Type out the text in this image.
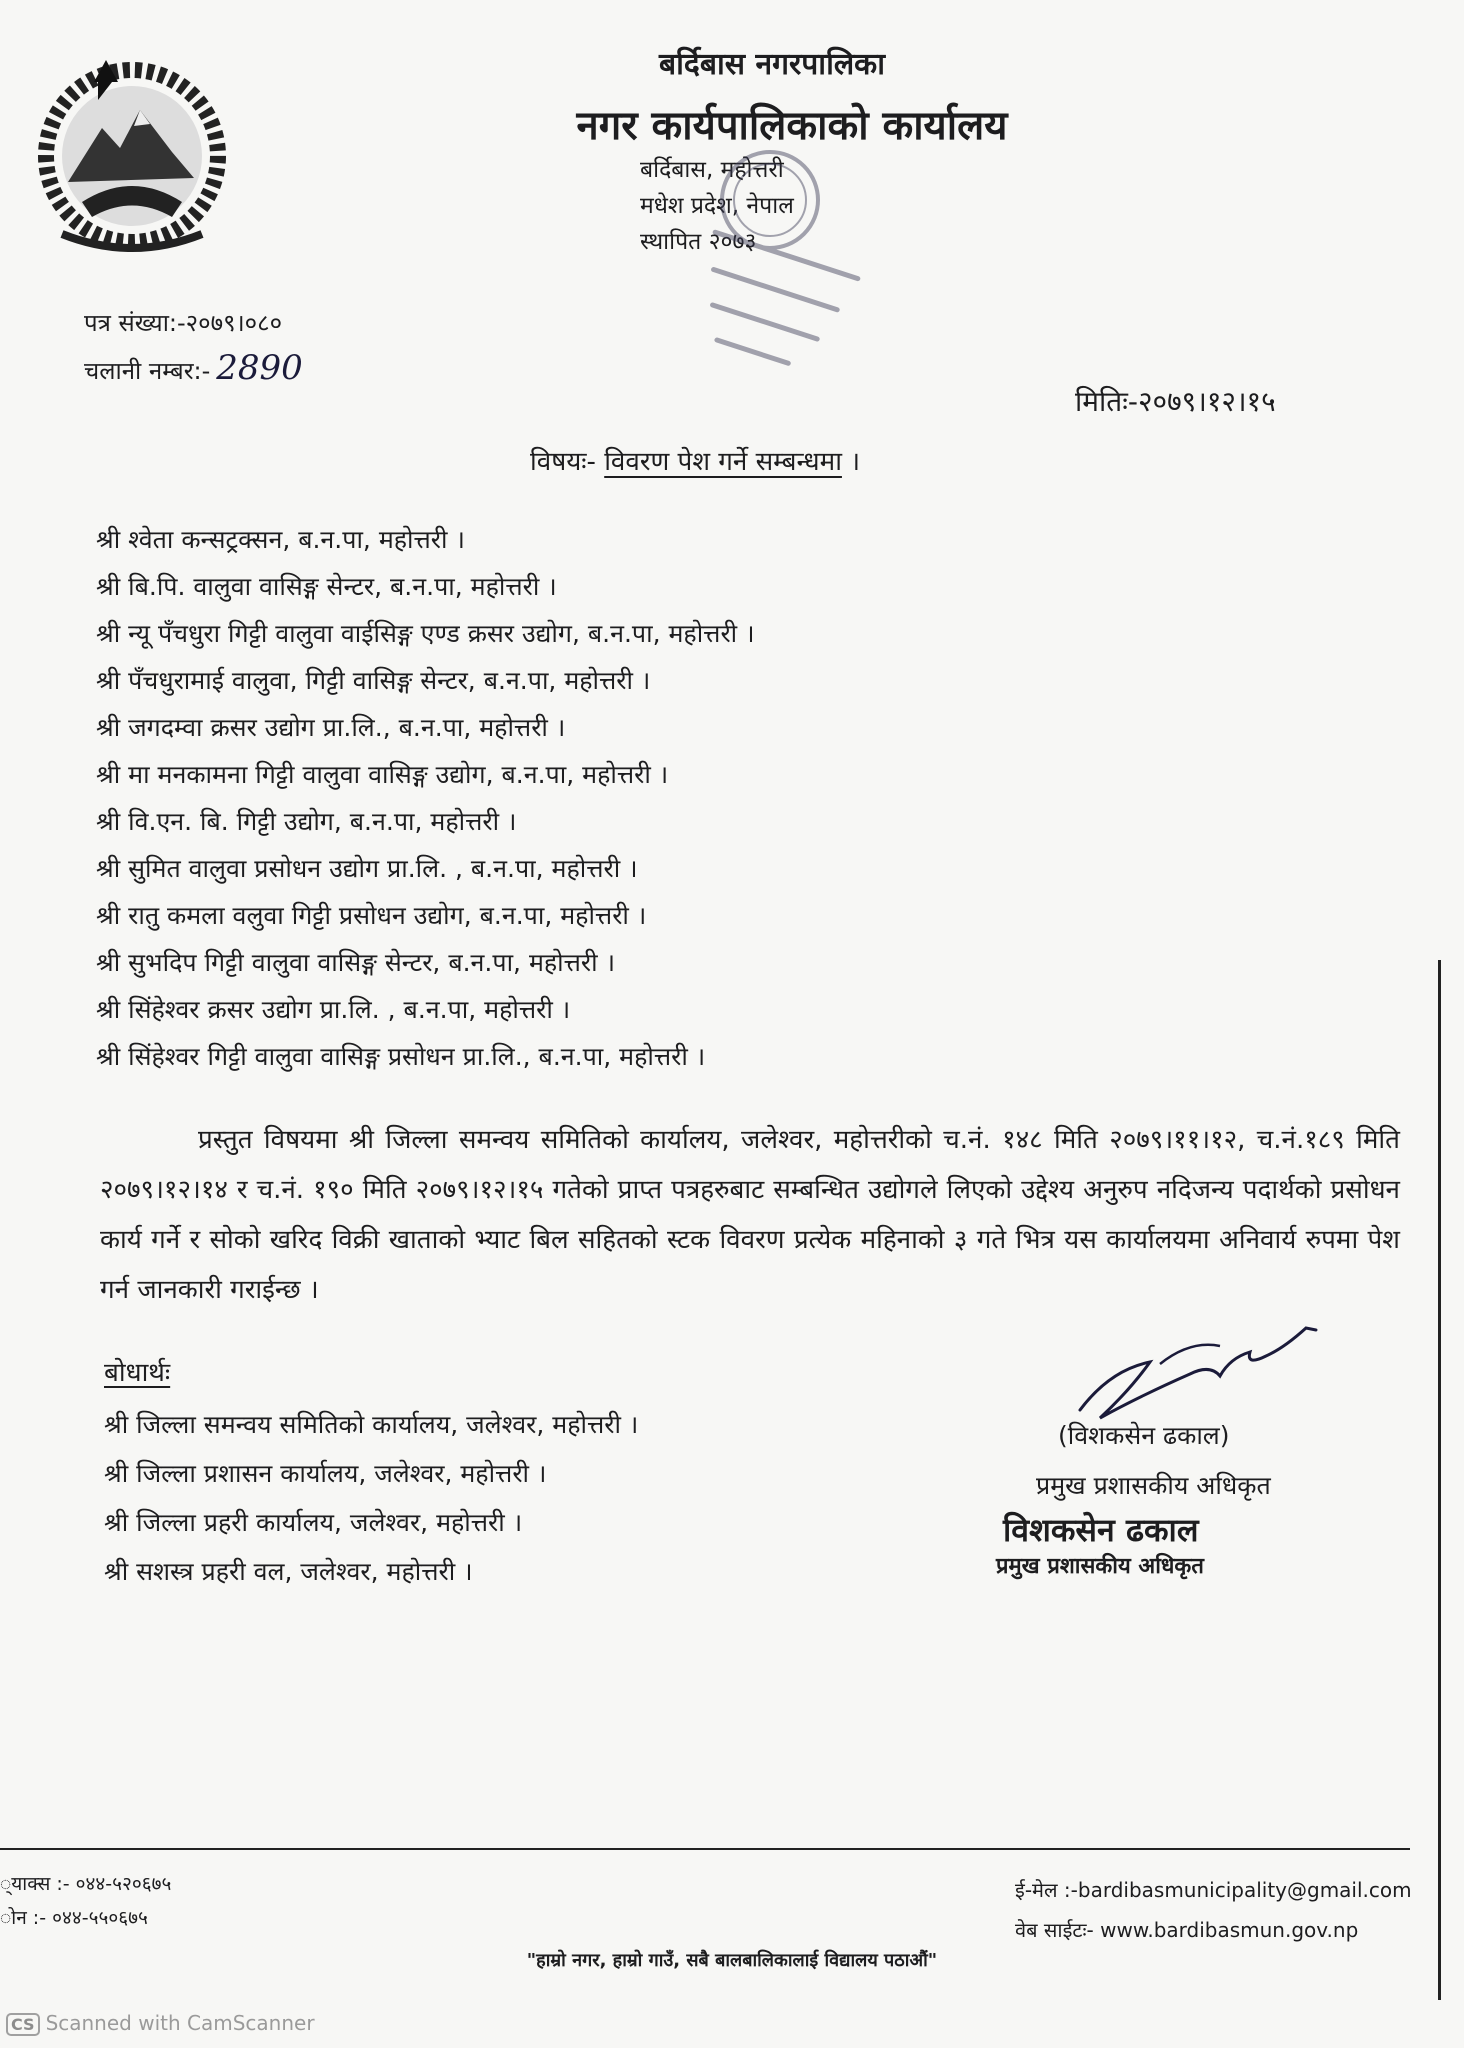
बर्दिबास नगरपालिका
नगर कार्यपालिकाको कार्यालय
बर्दिबास, महोत्तरी
मधेश प्रदेश, नेपाल
स्थापित २०७३
पत्र संख्या:-२०७९।०८०
चलानी नम्बर:- 2890
मितिः-२०७९।१२।१५
विषयः- विवरण पेश गर्ने सम्बन्धमा ।
श्री श्वेता कन्सट्रक्सन, ब.न.पा, महोत्तरी ।
श्री बि.पि. वालुवा वासिङ्ग सेन्टर, ब.न.पा, महोत्तरी ।
श्री न्यू पँचधुरा गिट्टी वालुवा वाईसिङ्ग एण्ड क्रसर उद्योग, ब.न.पा, महोत्तरी ।
श्री पँचधुरामाई वालुवा, गिट्टी वासिङ्ग सेन्टर, ब.न.पा, महोत्तरी ।
श्री जगदम्वा क्रसर उद्योग प्रा.लि., ब.न.पा, महोत्तरी ।
श्री मा मनकामना गिट्टी वालुवा वासिङ्ग उद्योग, ब.न.पा, महोत्तरी ।
श्री वि.एन. बि. गिट्टी उद्योग, ब.न.पा, महोत्तरी ।
श्री सुमित वालुवा प्रसोधन उद्योग प्रा.लि. , ब.न.पा, महोत्तरी ।
श्री रातु कमला वलुवा गिट्टी प्रसोधन उद्योग, ब.न.पा, महोत्तरी ।
श्री सुभदिप गिट्टी वालुवा वासिङ्ग सेन्टर, ब.न.पा, महोत्तरी ।
श्री सिंहेश्वर क्रसर उद्योग प्रा.लि. , ब.न.पा, महोत्तरी ।
श्री सिंहेश्वर गिट्टी वालुवा वासिङ्ग प्रसोधन प्रा.लि., ब.न.पा, महोत्तरी ।
प्रस्तुत विषयमा श्री जिल्ला समन्वय समितिको कार्यालय, जलेश्वर, महोत्तरीको च.नं. १४८ मिति २०७९।११।१२, च.नं.१८९ मिति २०७९।१२।१४ र च.नं. १९० मिति २०७९।१२।१५ गतेको प्राप्त पत्रहरुबाट सम्बन्धित उद्योगले लिएको उद्देश्य अनुरुप नदिजन्य पदार्थको प्रसोधन कार्य गर्ने र सोको खरिद विक्री खाताको भ्याट बिल सहितको स्टक विवरण प्रत्येक महिनाको ३ गते भित्र यस कार्यालयमा अनिवार्य रुपमा पेश गर्न जानकारी गराईन्छ ।
बोधार्थः
श्री जिल्ला समन्वय समितिको कार्यालय, जलेश्वर, महोत्तरी ।
श्री जिल्ला प्रशासन कार्यालय, जलेश्वर, महोत्तरी ।
श्री जिल्ला प्रहरी कार्यालय, जलेश्वर, महोत्तरी ।
श्री सशस्त्र प्रहरी वल, जलेश्वर, महोत्तरी ।
(विशकसेन ढकाल)
प्रमुख प्रशासकीय अधिकृत
विशकसेन ढकाल
प्रमुख प्रशासकीय अधिकृत
्याक्स :- ०४४-५२०६७५
ोन :- ०४४-५५०६७५
ई-मेल :-bardibasmunicipality@gmail.com
वेब साईटः- www.bardibasmun.gov.np
"हाम्रो नगर, हाम्रो गाउँ, सबै बालबालिकालाई विद्यालय पठाऔं"
CS Scanned with CamScanner
